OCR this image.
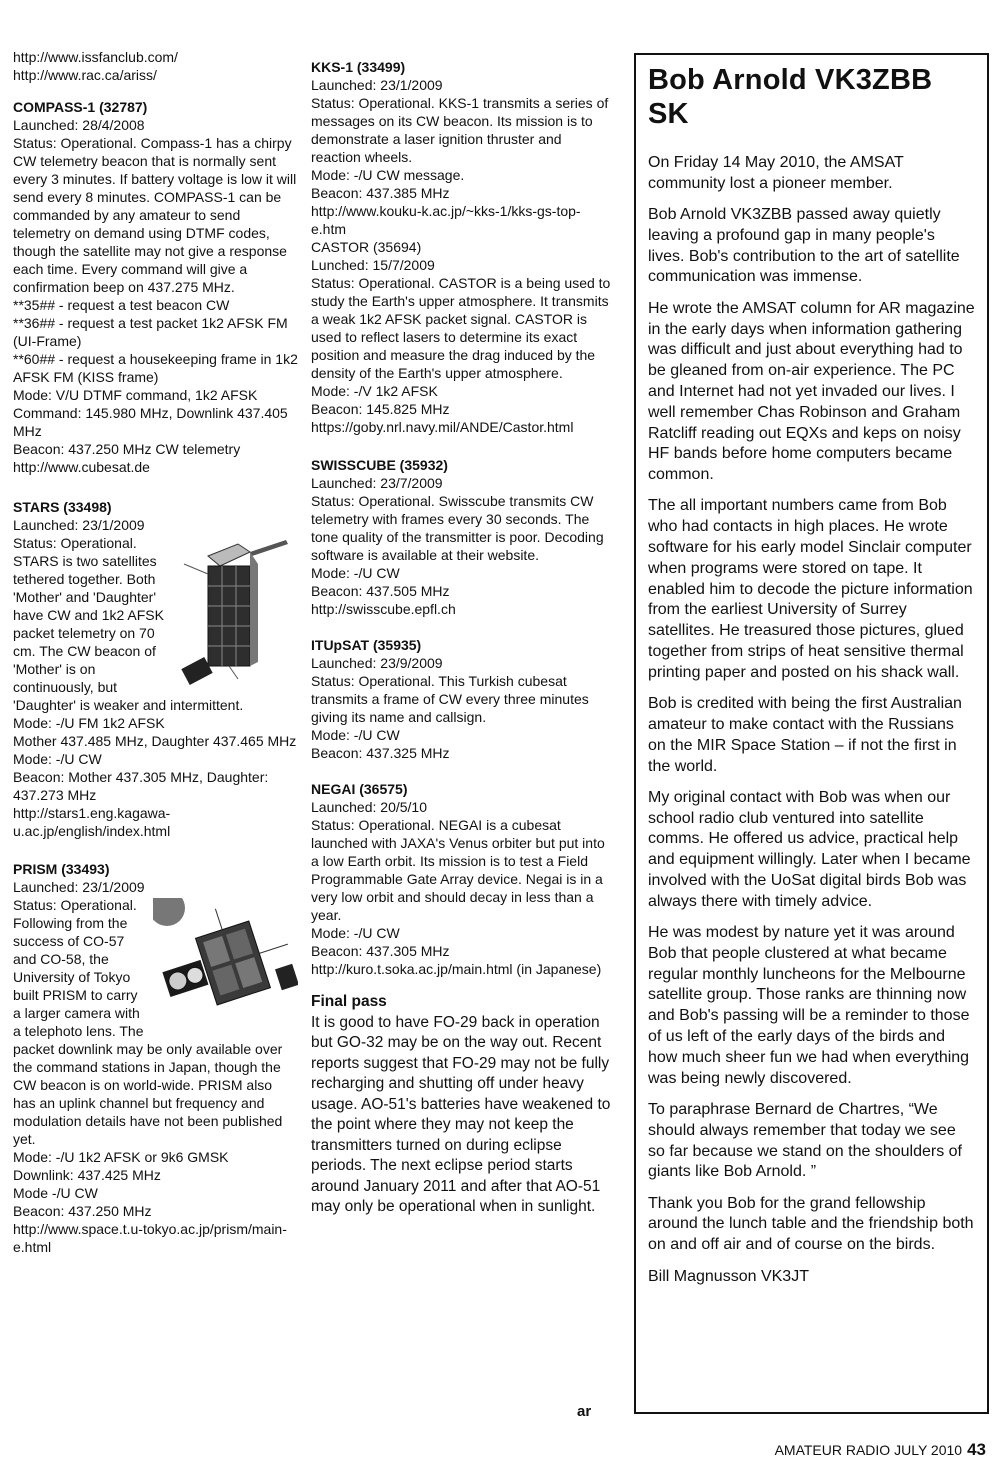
http://www.issfanclub.com/

http://www.rac.ca/ariss/

COMPASS-1 (32787)

Launched: 28/4/2008

Status: Operational. Compass-1 has a chirpy CW telemetry beacon that is normally sent every 3 minutes. If battery voltage is low it will send every 8 minutes. COMPASS-1 can be commanded by any amateur to send telemetry on demand using DTMF codes, though the satellite may not give a response each time. Every command will give a confirmation beep on 437.275 MHz.

**35## - request a test beacon CW

**36## - request a test packet 1k2 AFSK FM (UI-Frame)

**60## - request a housekeeping frame in 1k2 AFSK FM (KISS frame)

Mode: V/U DTMF command, 1k2 AFSK

Command: 145.980 MHz, Downlink 437.405 MHz

Beacon: 437.250 MHz CW telemetry

http://www.cubesat.de

STARS (33498)

Launched: 23/1/2009

Status: Operational. STARS is two satellites tethered together. Both 'Mother' and 'Daughter' have CW and 1k2 AFSK packet telemetry on 70 cm. The CW beacon of 'Mother' is on continuously, but 'Daughter' is weaker and intermittent.

Mode: -/U FM 1k2 AFSK

Mother 437.485 MHz, Daughter 437.465 MHz

Mode: -/U CW

Beacon: Mother 437.305 MHz, Daughter: 437.273 MHz

http://stars1.eng.kagawa-u.ac.jp/english/index.html

PRISM (33493)

Launched: 23/1/2009

Status: Operational. Following from the success of CO-57 and CO-58, the University of Tokyo built PRISM to carry a larger camera with a telephoto lens. The packet downlink may be only available over the command stations in Japan, though the CW beacon is on world-wide. PRISM also has an uplink channel but frequency and modulation details have not been published yet.

Mode: -/U 1k2 AFSK or 9k6 GMSK

Downlink: 437.425 MHz

Mode -/U CW

Beacon: 437.250 MHz

http://www.space.t.u-tokyo.ac.jp/prism/main-e.html

KKS-1 (33499)

Launched: 23/1/2009

Status: Operational. KKS-1 transmits a series of messages on its CW beacon. Its mission is to demonstrate a laser ignition thruster and reaction wheels.

Mode: -/U CW message.

Beacon: 437.385 MHz

http://www.kouku-k.ac.jp/~kks-1/kks-gs-top-e.htm

CASTOR (35694)

Lunched: 15/7/2009

Status: Operational. CASTOR is a being used to study the Earth's upper atmosphere. It transmits a weak 1k2 AFSK packet signal. CASTOR is used to reflect lasers to determine its exact position and measure the drag induced by the density of the Earth's upper atmosphere.

Mode: -/V 1k2 AFSK

Beacon: 145.825 MHz

https://goby.nrl.navy.mil/ANDE/Castor.html

SWISSCUBE (35932)

Launched: 23/7/2009

Status: Operational. Swisscube transmits CW telemetry with frames every 30 seconds. The tone quality of the transmitter is poor. Decoding software is available at their website.

Mode: -/U CW

Beacon: 437.505 MHz

http://swisscube.epfl.ch

ITUpSAT (35935)

Launched: 23/9/2009

Status: Operational. This Turkish cubesat transmits a frame of CW every three minutes giving its name and callsign.

Mode: -/U CW

Beacon: 437.325 MHz

NEGAI (36575)

Launched: 20/5/10

Status: Operational. NEGAI is a cubesat launched with JAXA's Venus orbiter but put into a low Earth orbit. Its mission is to test a Field Programmable Gate Array device. Negai is in a very low orbit and should decay in less than a year.

Mode: -/U CW

Beacon: 437.305 MHz

http://kuro.t.soka.ac.jp/main.html (in Japanese)

Final pass

It is good to have FO-29 back in operation but GO-32 may be on the way out. Recent reports suggest that FO-29 may not be fully recharging and shutting off under heavy usage. AO-51's batteries have weakened to the point where they may not keep the transmitters turned on during eclipse periods. The next eclipse period starts around January 2011 and after that AO-51 may only be operational when in sunlight.

ar
Bob Arnold VK3ZBB SK

On Friday 14 May 2010, the AMSAT community lost a pioneer member.

Bob Arnold VK3ZBB passed away quietly leaving a profound gap in many people's lives. Bob's contribution to the art of satellite communication was immense.

He wrote the AMSAT column for AR magazine in the early days when information gathering was difficult and just about everything had to be gleaned from on-air experience. The PC and Internet had not yet invaded our lives. I well remember Chas Robinson and Graham Ratcliff reading out EQXs and keps on noisy HF bands before home computers became common.

The all important numbers came from Bob who had contacts in high places. He wrote software for his early model Sinclair computer when programs were stored on tape. It enabled him to decode the picture information from the earliest University of Surrey satellites. He treasured those pictures, glued together from strips of heat sensitive thermal printing paper and posted on his shack wall.

Bob is credited with being the first Australian amateur to make contact with the Russians on the MIR Space Station – if not the first in the world.

My original contact with Bob was when our school radio club ventured into satellite comms. He offered us advice, practical help and equipment willingly. Later when I became involved with the UoSat digital birds Bob was always there with timely advice.

He was modest by nature yet it was around Bob that people clustered at what became regular monthly luncheons for the Melbourne satellite group. Those ranks are thinning now and Bob's passing will be a reminder to those of us left of the early days of the birds and how much sheer fun we had when everything was being newly discovered.

To paraphrase Bernard de Chartres, “We should always remember that today we see so far because we stand on the shoulders of giants like Bob Arnold. ”

Thank you Bob for the grand fellowship around the lunch table and the friendship both on and off air and of course on the birds.

Bill Magnusson VK3JT

AMATEUR RADIO JULY 2010 43
